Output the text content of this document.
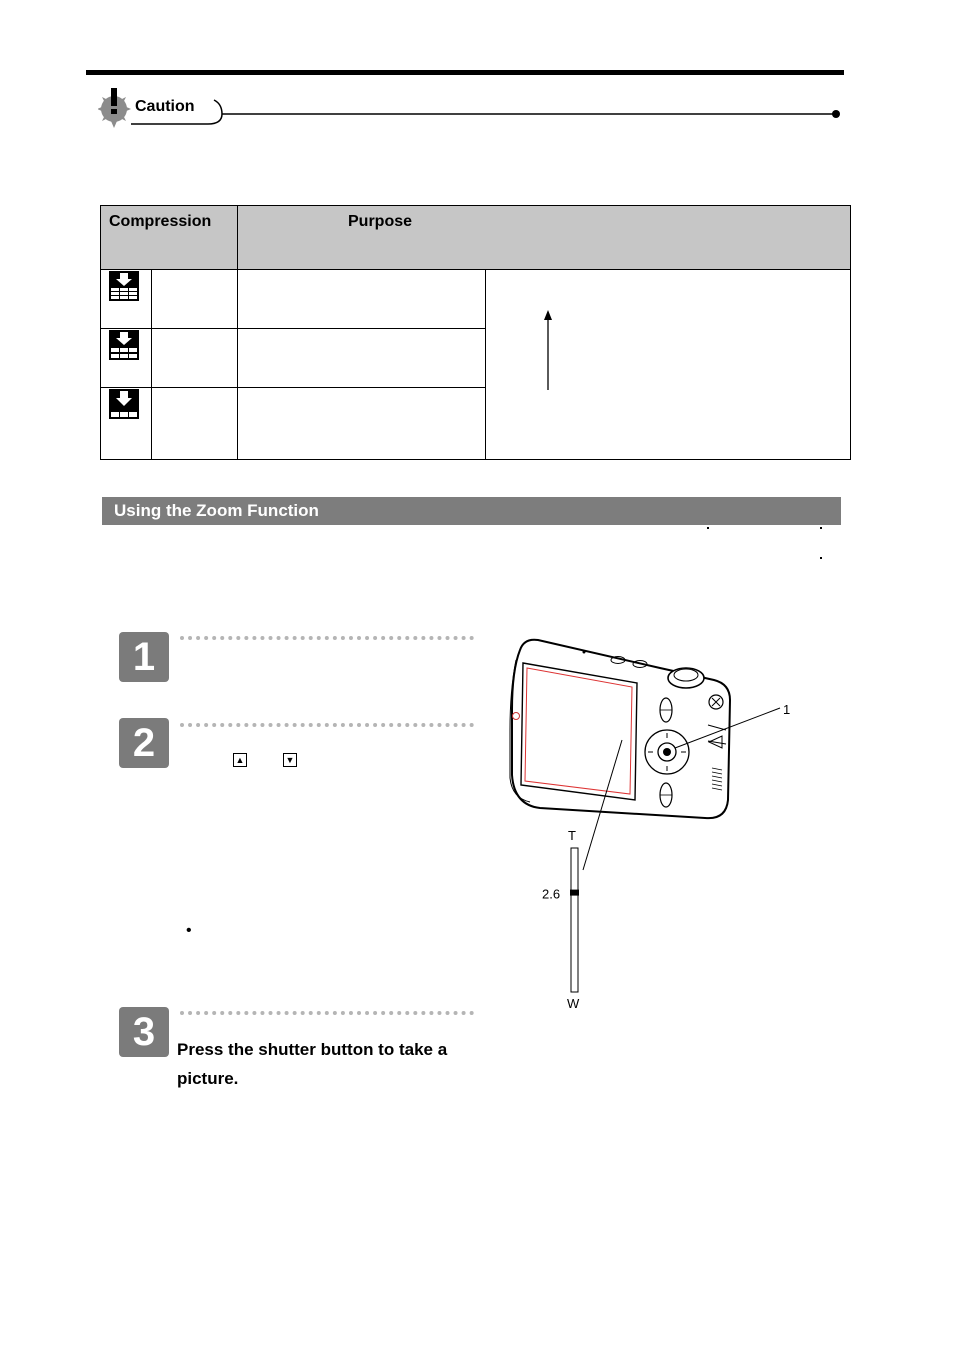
Caution
Compression		Purpose	

Using the Zoom Function
1
2	▲	▼
•
3	Press the shutter button to take a picture.
1
T
2.6
W
